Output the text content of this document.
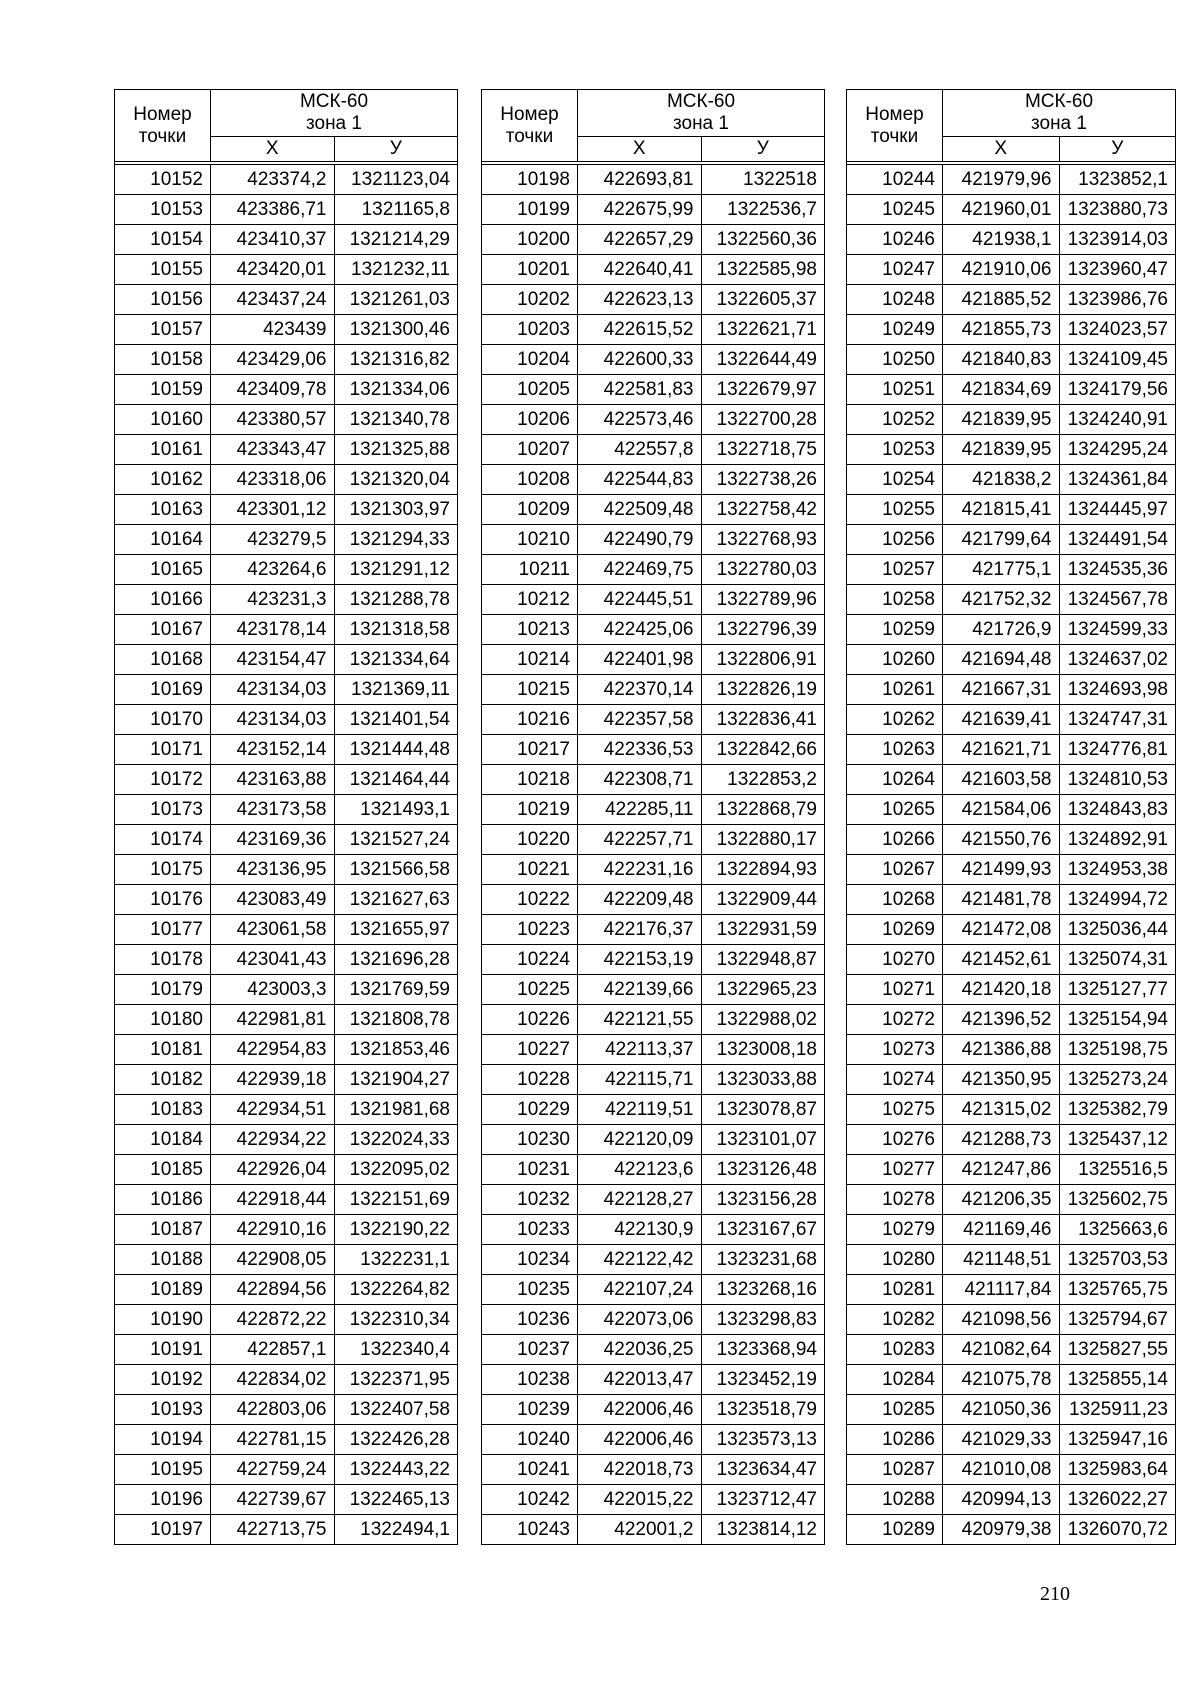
Номер точки	МСК-60
зона 1	
	Х	У

10152	423374,2	1321123,04
10153	423386,71	1321165,8
10154	423410,37	1321214,29
10155	423420,01	1321232,11
10156	423437,24	1321261,03
10157	423439	1321300,46
10158	423429,06	1321316,82
10159	423409,78	1321334,06
10160	423380,57	1321340,78
10161	423343,47	1321325,88
10162	423318,06	1321320,04
10163	423301,12	1321303,97
10164	423279,5	1321294,33
10165	423264,6	1321291,12
10166	423231,3	1321288,78
10167	423178,14	1321318,58
10168	423154,47	1321334,64
10169	423134,03	1321369,11
10170	423134,03	1321401,54
10171	423152,14	1321444,48
10172	423163,88	1321464,44
10173	423173,58	1321493,1
10174	423169,36	1321527,24
10175	423136,95	1321566,58
10176	423083,49	1321627,63
10177	423061,58	1321655,97
10178	423041,43	1321696,28
10179	423003,3	1321769,59
10180	422981,81	1321808,78
10181	422954,83	1321853,46
10182	422939,18	1321904,27
10183	422934,51	1321981,68
10184	422934,22	1322024,33
10185	422926,04	1322095,02
10186	422918,44	1322151,69
10187	422910,16	1322190,22
10188	422908,05	1322231,1
10189	422894,56	1322264,82
10190	422872,22	1322310,34
10191	422857,1	1322340,4
10192	422834,02	1322371,95
10193	422803,06	1322407,58
10194	422781,15	1322426,28
10195	422759,24	1322443,22
10196	422739,67	1322465,13
10197	422713,75	1322494,1
Номер точки	МСК-60
зона 1	
	Х	У

10198	422693,81	1322518
10199	422675,99	1322536,7
10200	422657,29	1322560,36
10201	422640,41	1322585,98
10202	422623,13	1322605,37
10203	422615,52	1322621,71
10204	422600,33	1322644,49
10205	422581,83	1322679,97
10206	422573,46	1322700,28
10207	422557,8	1322718,75
10208	422544,83	1322738,26
10209	422509,48	1322758,42
10210	422490,79	1322768,93
10211	422469,75	1322780,03
10212	422445,51	1322789,96
10213	422425,06	1322796,39
10214	422401,98	1322806,91
10215	422370,14	1322826,19
10216	422357,58	1322836,41
10217	422336,53	1322842,66
10218	422308,71	1322853,2
10219	422285,11	1322868,79
10220	422257,71	1322880,17
10221	422231,16	1322894,93
10222	422209,48	1322909,44
10223	422176,37	1322931,59
10224	422153,19	1322948,87
10225	422139,66	1322965,23
10226	422121,55	1322988,02
10227	422113,37	1323008,18
10228	422115,71	1323033,88
10229	422119,51	1323078,87
10230	422120,09	1323101,07
10231	422123,6	1323126,48
10232	422128,27	1323156,28
10233	422130,9	1323167,67
10234	422122,42	1323231,68
10235	422107,24	1323268,16
10236	422073,06	1323298,83
10237	422036,25	1323368,94
10238	422013,47	1323452,19
10239	422006,46	1323518,79
10240	422006,46	1323573,13
10241	422018,73	1323634,47
10242	422015,22	1323712,47
10243	422001,2	1323814,12
Номер точки	МСК-60
зона 1	
	Х	У

10244	421979,96	1323852,1
10245	421960,01	1323880,73
10246	421938,1	1323914,03
10247	421910,06	1323960,47
10248	421885,52	1323986,76
10249	421855,73	1324023,57
10250	421840,83	1324109,45
10251	421834,69	1324179,56
10252	421839,95	1324240,91
10253	421839,95	1324295,24
10254	421838,2	1324361,84
10255	421815,41	1324445,97
10256	421799,64	1324491,54
10257	421775,1	1324535,36
10258	421752,32	1324567,78
10259	421726,9	1324599,33
10260	421694,48	1324637,02
10261	421667,31	1324693,98
10262	421639,41	1324747,31
10263	421621,71	1324776,81
10264	421603,58	1324810,53
10265	421584,06	1324843,83
10266	421550,76	1324892,91
10267	421499,93	1324953,38
10268	421481,78	1324994,72
10269	421472,08	1325036,44
10270	421452,61	1325074,31
10271	421420,18	1325127,77
10272	421396,52	1325154,94
10273	421386,88	1325198,75
10274	421350,95	1325273,24
10275	421315,02	1325382,79
10276	421288,73	1325437,12
10277	421247,86	1325516,5
10278	421206,35	1325602,75
10279	421169,46	1325663,6
10280	421148,51	1325703,53
10281	421117,84	1325765,75
10282	421098,56	1325794,67
10283	421082,64	1325827,55
10284	421075,78	1325855,14
10285	421050,36	1325911,23
10286	421029,33	1325947,16
10287	421010,08	1325983,64
10288	420994,13	1326022,27
10289	420979,38	1326070,72
210
